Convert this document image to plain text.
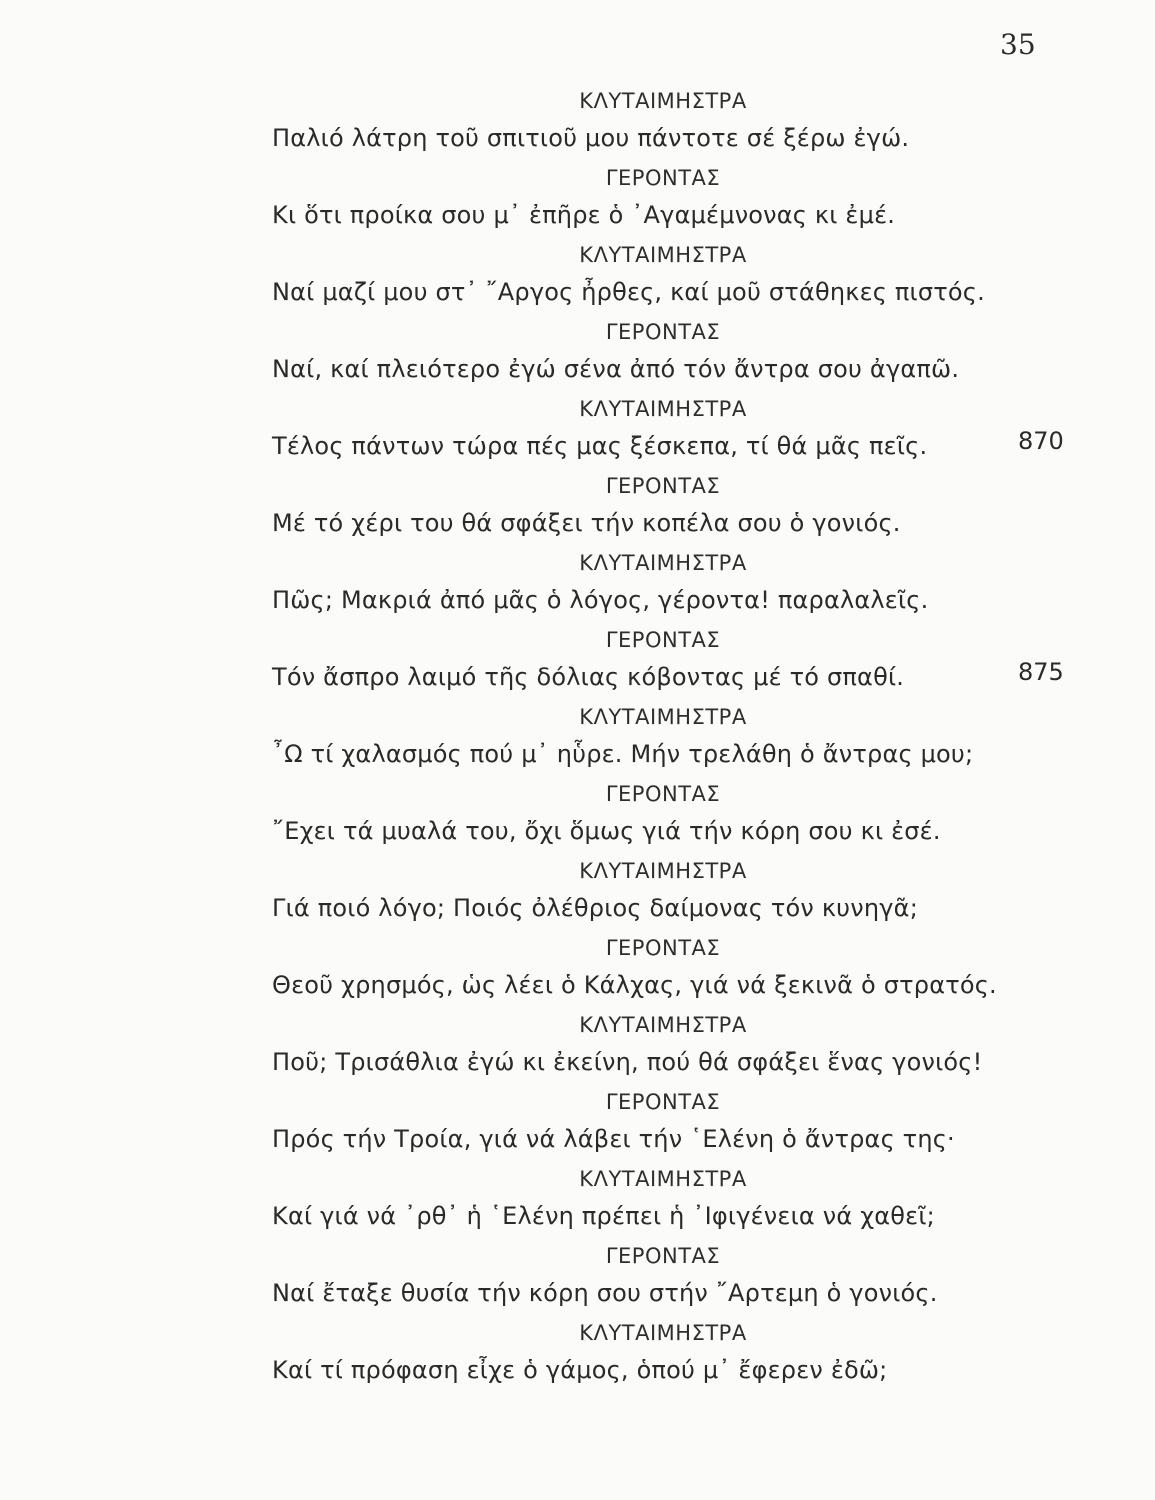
35
ΚΛΥΤΑΙΜΗΣΤΡΑ
Παλιό λάτρη τοῦ σπιτιοῦ μου πάντοτε σέ ξέρω ἐγώ.
ΓΕΡΟΝΤΑΣ
Κι ὅτι προίκα σου μ᾽ ἐπῆρε ὁ ᾽Αγαμέμνονας κι ἐμέ.
ΚΛΥΤΑΙΜΗΣΤΡΑ
Ναί μαζί μου στ᾽ ῎Αργος ἦρθες, καί μοῦ στάθηκες πιστός.
ΓΕΡΟΝΤΑΣ
Ναί, καί πλειότερο ἐγώ σένα ἀπό τόν ἄντρα σου ἀγαπῶ.
ΚΛΥΤΑΙΜΗΣΤΡΑ
Τέλος πάντων τώρα πές μας ξέσκεπα, τί θά μᾶς πεῖς.	870
ΓΕΡΟΝΤΑΣ
Μέ τό χέρι του θά σφάξει τήν κοπέλα σου ὁ γονιός.
ΚΛΥΤΑΙΜΗΣΤΡΑ
Πῶς; Μακριά ἀπό μᾶς ὁ λόγος, γέροντα! παραλαλεῖς.
ΓΕΡΟΝΤΑΣ
Τόν ἄσπρο λαιμό τῆς δόλιας κόβοντας μέ τό σπαθί.	875
ΚΛΥΤΑΙΜΗΣΤΡΑ
῏Ω τί χαλασμός πού μ᾽ ηὗρε. Μήν τρελάθη ὁ ἄντρας μου;
ΓΕΡΟΝΤΑΣ
῎Εχει τά μυαλά του, ὄχι ὅμως γιά τήν κόρη σου κι ἐσέ.
ΚΛΥΤΑΙΜΗΣΤΡΑ
Γιά ποιό λόγο; Ποιός ὀλέθριος δαίμονας τόν κυνηγᾶ;
ΓΕΡΟΝΤΑΣ
Θεοῦ χρησμός, ὡς λέει ὁ Κάλχας, γιά νά ξεκινᾶ ὁ στρατός.
ΚΛΥΤΑΙΜΗΣΤΡΑ
Ποῦ; Τρισάθλια ἐγώ κι ἐκείνη, πού θά σφάξει ἕνας γονιός!
ΓΕΡΟΝΤΑΣ
Πρός τήν Τροία, γιά νά λάβει τήν ῾Ελένη ὁ ἄντρας της·
ΚΛΥΤΑΙΜΗΣΤΡΑ
Καί γιά νά ᾽ρθ᾽ ἡ ῾Ελένη πρέπει ἡ ᾽Ιφιγένεια νά χαθεῖ;
ΓΕΡΟΝΤΑΣ
Ναί ἔταξε θυσία τήν κόρη σου στήν ῎Αρτεμη ὁ γονιός.
ΚΛΥΤΑΙΜΗΣΤΡΑ
Καί τί πρόφαση εἶχε ὁ γάμος, ὁπού μ᾽ ἔφερεν ἐδῶ;
